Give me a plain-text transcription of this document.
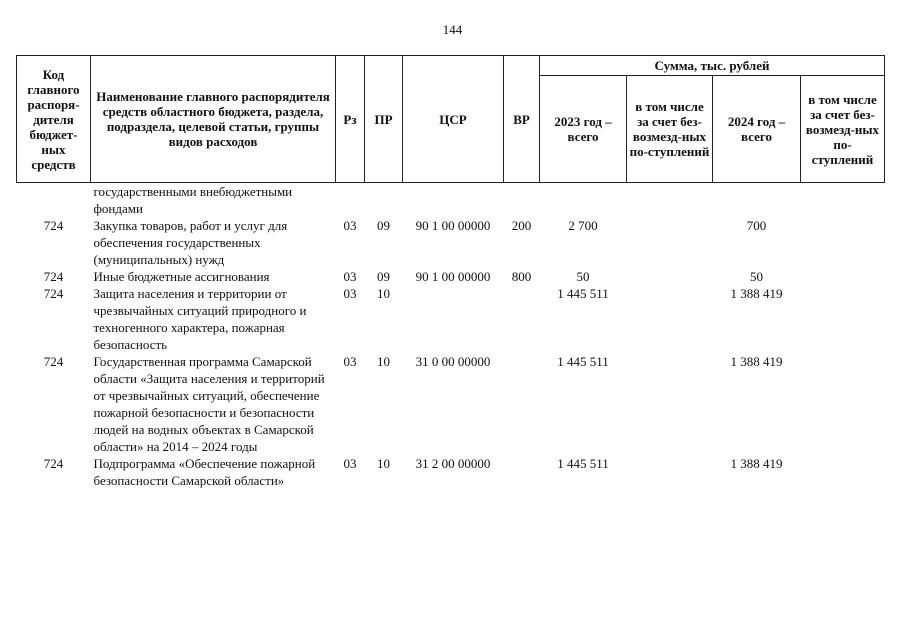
144
Код главного распоря-дителя бюджет-ных средств	Наименование главного распорядителя средств областного бюджета, раздела, подраздела, целевой статьи, группы видов расходов	Рз	ПР	ЦСР	ВР	Сумма, тыс. рублей			
						2023 год – всего	в том числе за счет без-возмезд-ных по-ступлений	2024 год – всего	в том числе за счет без-возмезд-ных по-ступлений
	государственными внебюджетными фондами								
724	Закупка товаров, работ и услуг для обеспечения государственных (муниципальных) нужд	03	09	90 1 00 00000	200	2 700		700	
724	Иные бюджетные ассигнования	03	09	90 1 00 00000	800	50		50	
724	Защита населения и территории от чрезвычайных ситуаций природного и техногенного характера, пожарная безопасность	03	10			1 445 511		1 388 419	
724	Государственная программа Самарской области «Защита населения и территорий от чрезвычайных ситуаций, обеспечение пожарной безопасности и безопасности людей на водных объектах в Самарской области» на 2014 – 2024 годы	03	10	31 0 00 00000		1 445 511		1 388 419	
724	Подпрограмма «Обеспечение пожарной безопасности Самарской области»	03	10	31 2 00 00000		1 445 511		1 388 419	
